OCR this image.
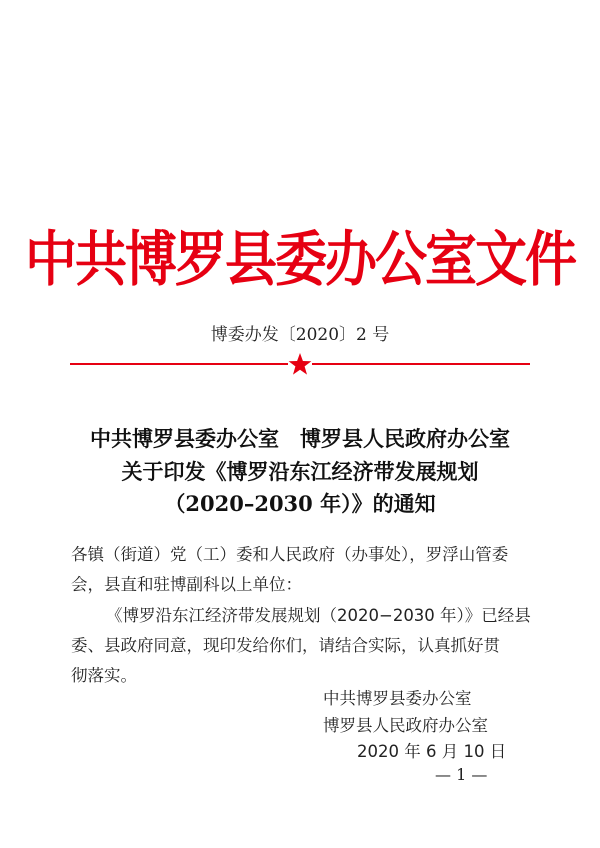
中共博罗县委办公室文件
博委办发〔2020〕2 号
中共博罗县委办公室　博罗县人民政府办公室
关于印发《博罗沿东江经济带发展规划
（2020–2030 年）》的通知
各镇（街道）党（工）委和人民政府（办事处），罗浮山管委
会，县直和驻博副科以上单位：
《博罗沿东江经济带发展规划（2020−2030 年）》已经县
委、县政府同意，现印发给你们，请结合实际，认真抓好贯
彻落实。
中共博罗县委办公室
博罗县人民政府办公室
2020 年 6 月 10 日
— 1 —
